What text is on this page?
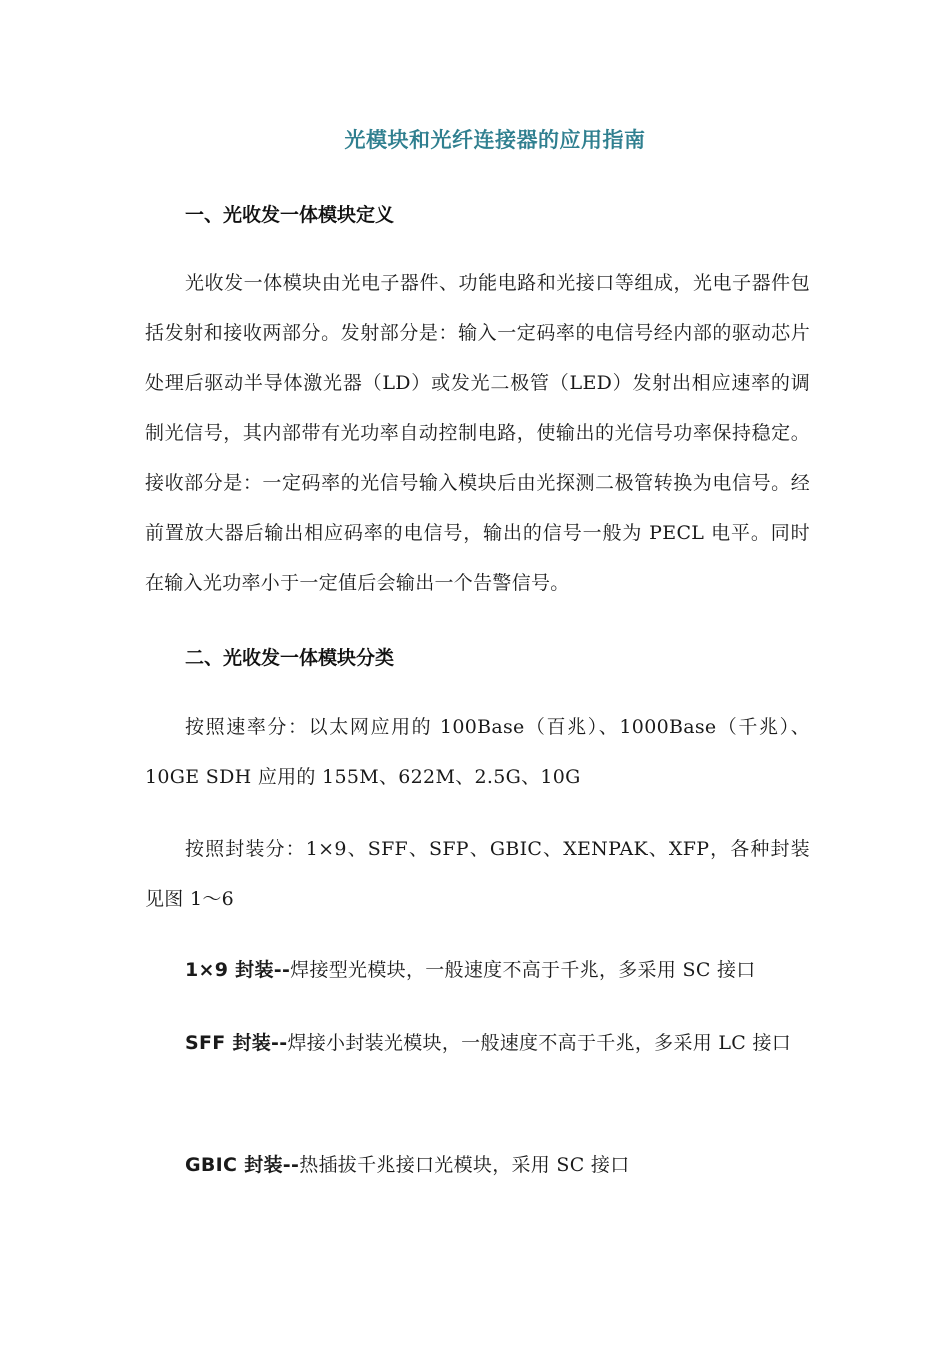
光模块和光纤连接器的应用指南
一、光收发一体模块定义
光收发一体模块由光电子器件、功能电路和光接口等组成，光电子器件包括发射和接收两部分。发射部分是：输入一定码率的电信号经内部的驱动芯片处理后驱动半导体激光器（LD）或发光二极管（LED）发射出相应速率的调制光信号，其内部带有光功率自动控制电路，使输出的光信号功率保持稳定。接收部分是：一定码率的光信号输入模块后由光探测二极管转换为电信号。经前置放大器后输出相应码率的电信号，输出的信号一般为 PECL 电平。同时在输入光功率小于一定值后会输出一个告警信号。
二、光收发一体模块分类
按照速率分：以太网应用的 100Base（百兆）、1000Base（千兆）、10GE SDH 应用的 155M、622M、2.5G、10G
按照封装分：1×9、SFF、SFP、GBIC、XENPAK、XFP，各种封装见图 1～6
1×9 封装--焊接型光模块，一般速度不高于千兆，多采用 SC 接口
SFF 封装--焊接小封装光模块，一般速度不高于千兆，多采用 LC 接口
GBIC 封装--热插拔千兆接口光模块，采用 SC 接口
